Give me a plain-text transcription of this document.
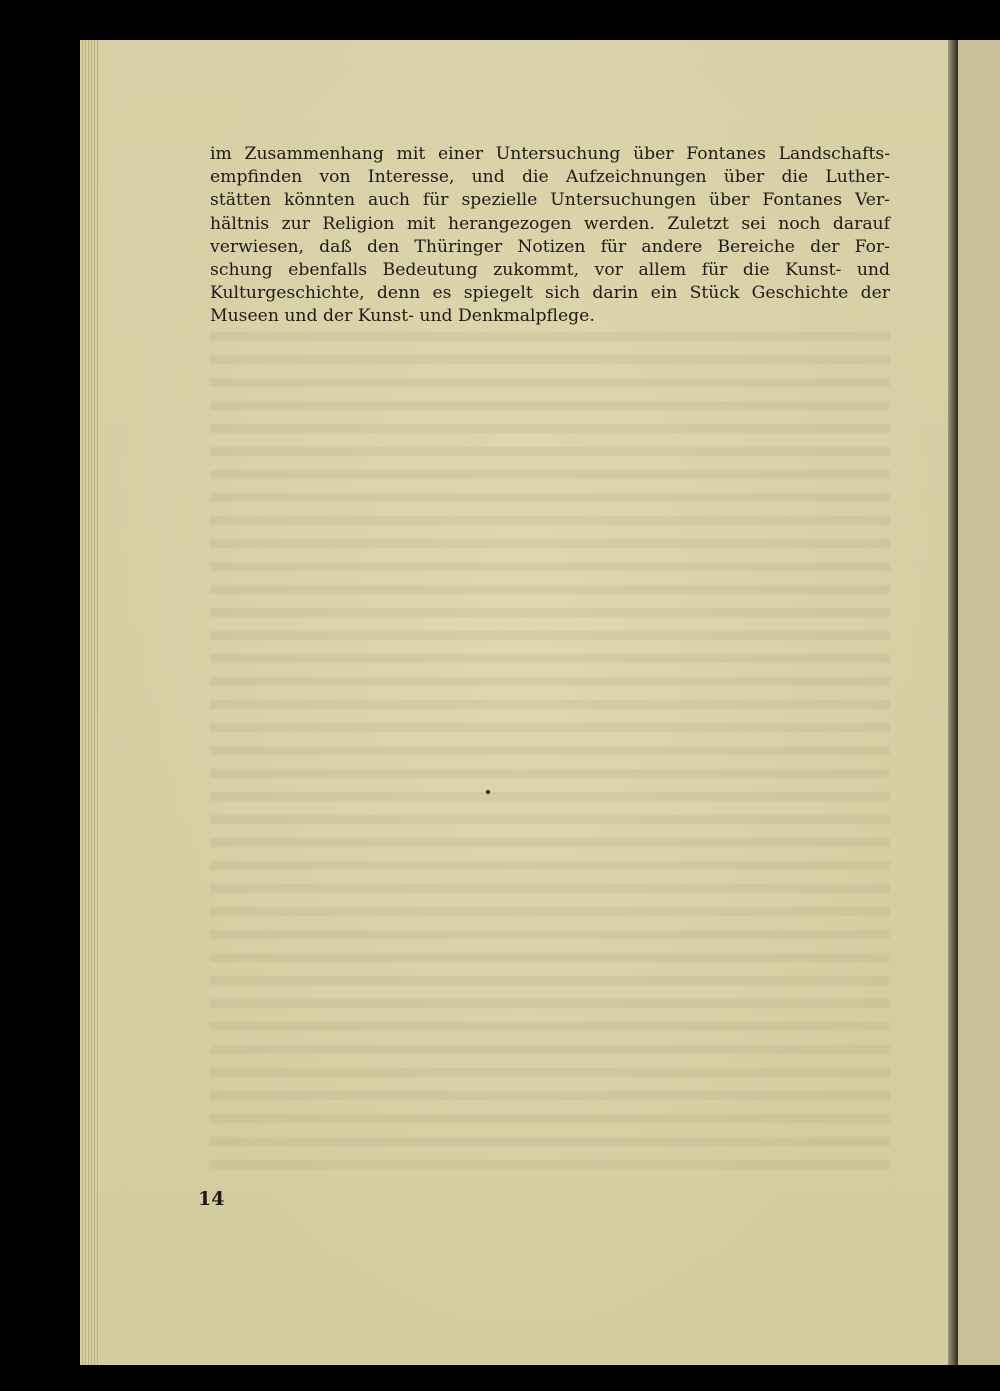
im Zusammenhang mit einer Untersuchung über Fontanes Landschafts-
empfinden von Interesse, und die Aufzeichnungen über die Luther-
stätten könnten auch für spezielle Untersuchungen über Fontanes Ver-
hältnis zur Religion mit herangezogen werden. Zuletzt sei noch darauf
verwiesen, daß den Thüringer Notizen für andere Bereiche der For-
schung ebenfalls Bedeutung zukommt, vor allem für die Kunst- und
Kulturgeschichte, denn es spiegelt sich darin ein Stück Geschichte der
Museen und der Kunst- und Denkmalpflege.

14
